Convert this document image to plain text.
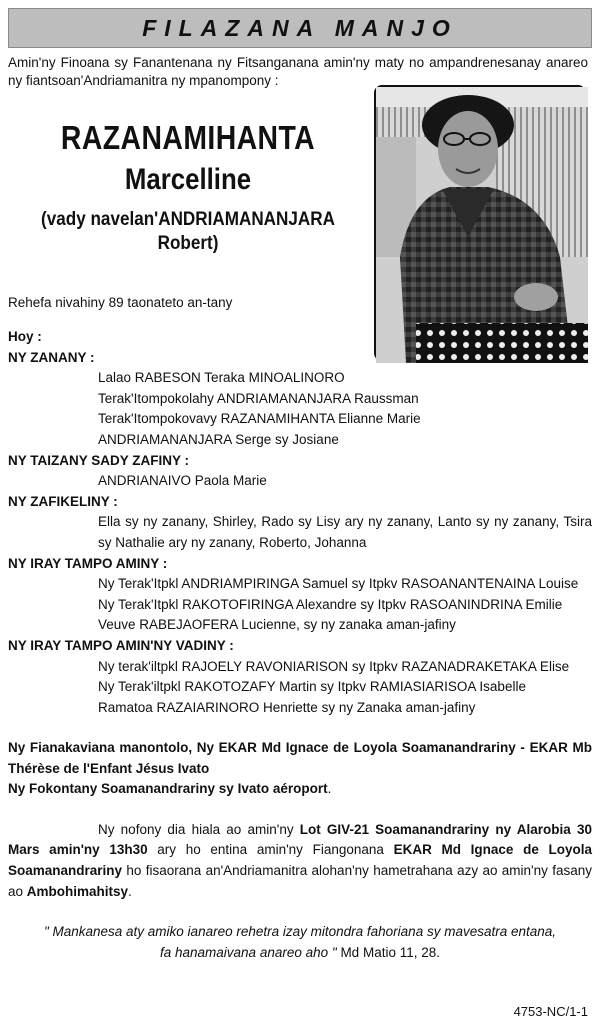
FILAZANA MANJO

Amin'ny Finoana sy Fanantenana ny Fitsanganana amin'ny maty no ampandrenesanay anareo ny fiantsoan'Andriamanitra ny mpanompony :

RAZANAMIHANTA
Marcelline
(vady navelan'ANDRIAMANANJARA Robert)

Rehefa nivahiny 89 taonateto an-tany

Hoy :
NY ZANANY :
Lalao RABESON Teraka MINOALINORO
Terak'Itompokolahy ANDRIAMANANJARA Raussman
Terak'Itompokovavy RAZANAMIHANTA Elianne Marie
ANDRIAMANANJARA Serge sy Josiane
NY TAIZANY SADY ZAFINY :
ANDRIANAIVO Paola Marie
NY ZAFIKELINY :
Ella sy ny zanany, Shirley, Rado sy Lisy ary ny zanany, Lanto sy ny zanany, Tsira sy Nathalie ary ny zanany, Roberto, Johanna
NY IRAY TAMPO AMINY :
Ny Terak'Itpkl ANDRIAMPIRINGA Samuel sy Itpkv RASOANANTENAINA Louise
Ny Terak'Itpkl RAKOTOFIRINGA Alexandre sy Itpkv RASOANINDRINA Emilie
Veuve RABEJAOFERA Lucienne, sy ny zanaka aman-jafiny
NY IRAY TAMPO AMIN'NY VADINY :
Ny terak'iltpkl RAJOELY RAVONIARISON sy Itpkv RAZANADRAKETAKA Elise
Ny Terak'iltpkl RAKOTOZAFY Martin sy Itpkv RAMIASIARISOA Isabelle
Ramatoa RAZAIARINORO Henriette sy ny Zanaka aman-jafiny

Ny Fianakaviana manontolo, Ny EKAR Md Ignace de Loyola Soamanandrariny - EKAR Mb Thérèse de l'Enfant Jésus Ivato

Ny Fokontany Soamanandrariny sy Ivato aéroport.

Ny nofony dia hiala ao amin'ny Lot GIV-21 Soamanandrariny ny Alarobia 30 Mars amin'ny 13h30 ary ho entina amin'ny Fiangonana EKAR Md Ignace de Loyola Soamanandrariny ho fisaorana an'Andriamanitra alohan'ny hametrahana azy ao amin'ny fasany ao Ambohimahitsy.

" Mankanesa aty amiko ianareo rehetra izay mitondra fahoriana sy mavesatra entana,
fa hanamaivana anareo aho " Md Matio 11, 28.
4753-NC/1-1
